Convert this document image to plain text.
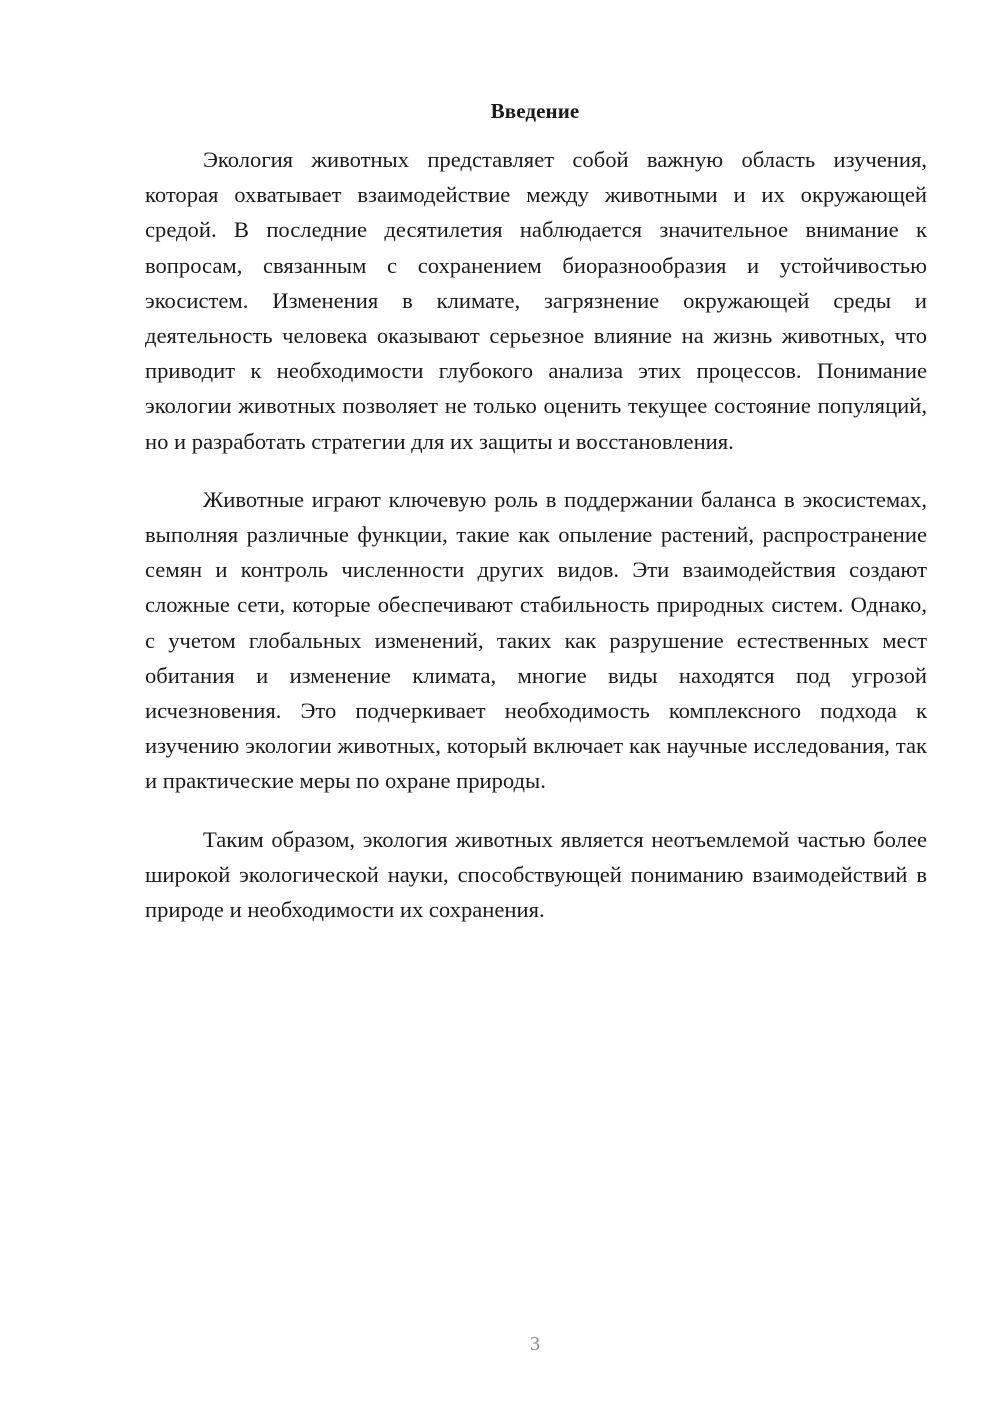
Введение

Экология животных представляет собой важную область изучения, которая охватывает взаимодействие между животными и их окружающей средой. В последние десятилетия наблюдается значительное внимание к вопросам, связанным с сохранением биоразнообразия и устойчивостью экосистем. Изменения в климате, загрязнение окружающей среды и деятельность человека оказывают серьезное влияние на жизнь животных, что приводит к необходимости глубокого анализа этих процессов. Понимание экологии животных позволяет не только оценить текущее состояние популяций, но и разработать стратегии для их защиты и восстановления.

Животные играют ключевую роль в поддержании баланса в экосистемах, выполняя различные функции, такие как опыление растений, распространение семян и контроль численности других видов. Эти взаимодействия создают сложные сети, которые обеспечивают стабильность природных систем. Однако, с учетом глобальных изменений, таких как разрушение естественных мест обитания и изменение климата, многие виды находятся под угрозой исчезновения. Это подчеркивает необходимость комплексного подхода к изучению экологии животных, который включает как научные исследования, так и практические меры по охране природы.

Таким образом, экология животных является неотъемлемой частью более широкой экологической науки, способствующей пониманию взаимодействий в природе и необходимости их сохранения.

3
